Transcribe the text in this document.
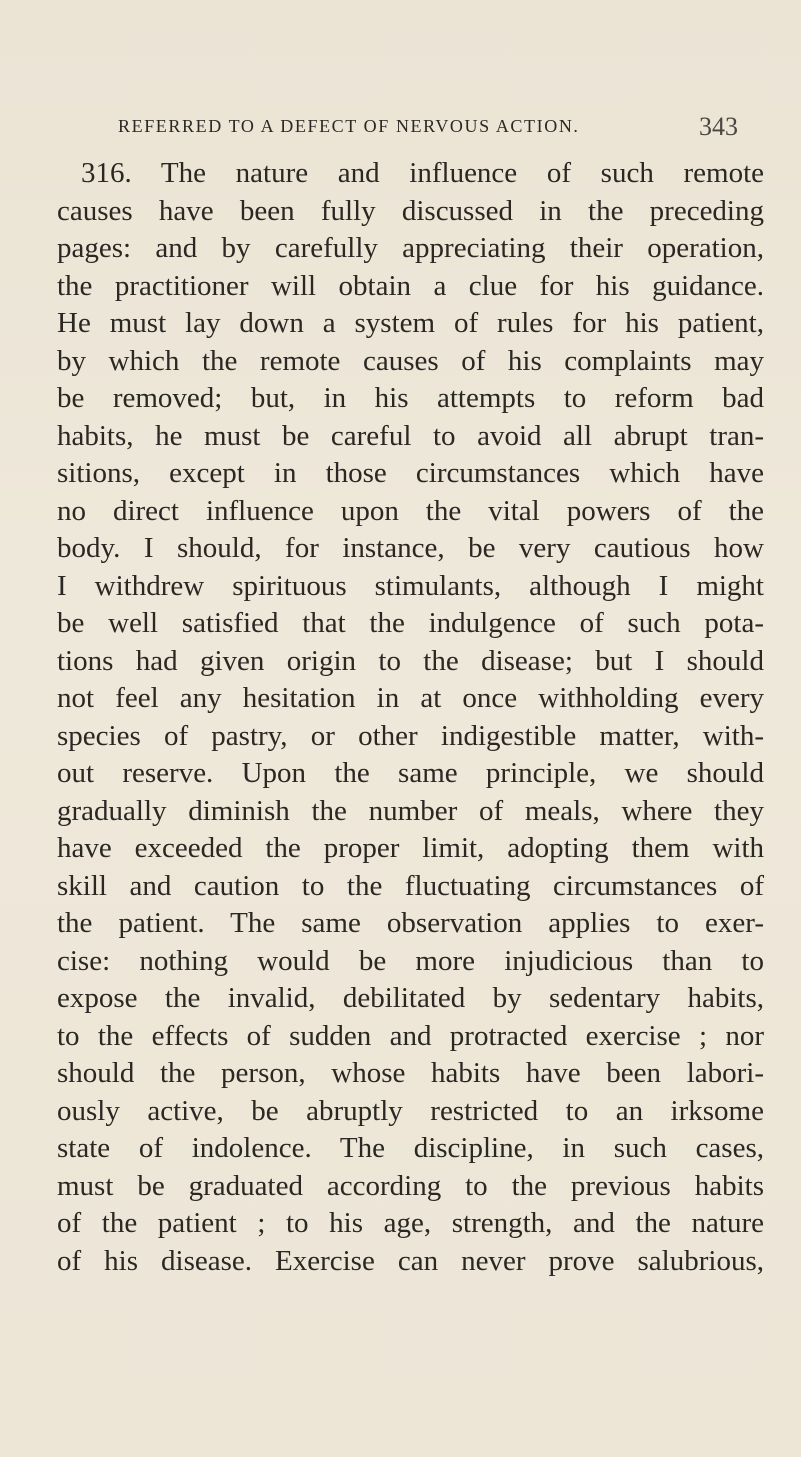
REFERRED TO A DEFECT OF NERVOUS ACTION.	343
316. The nature and influence of such remote
causes have been fully discussed in the preceding
pages: and by carefully appreciating their operation,
the practitioner will obtain a clue for his guidance.
He must lay down a system of rules for his patient,
by which the remote causes of his complaints may
be removed; but, in his attempts to reform bad
habits, he must be careful to avoid all abrupt tran-
sitions, except in those circumstances which have
no direct influence upon the vital powers of the
body. I should, for instance, be very cautious how
I withdrew spirituous stimulants, although I might
be well satisfied that the indulgence of such pota-
tions had given origin to the disease; but I should
not feel any hesitation in at once withholding every
species of pastry, or other indigestible matter, with-
out reserve. Upon the same principle, we should
gradually diminish the number of meals, where they
have exceeded the proper limit, adopting them with
skill and caution to the fluctuating circumstances of
the patient. The same observation applies to exer-
cise: nothing would be more injudicious than to
expose the invalid, debilitated by sedentary habits,
to the effects of sudden and protracted exercise ; nor
should the person, whose habits have been labori-
ously active, be abruptly restricted to an irksome
state of indolence. The discipline, in such cases,
must be graduated according to the previous habits
of the patient ; to his age, strength, and the nature
of his disease. Exercise can never prove salubrious,
